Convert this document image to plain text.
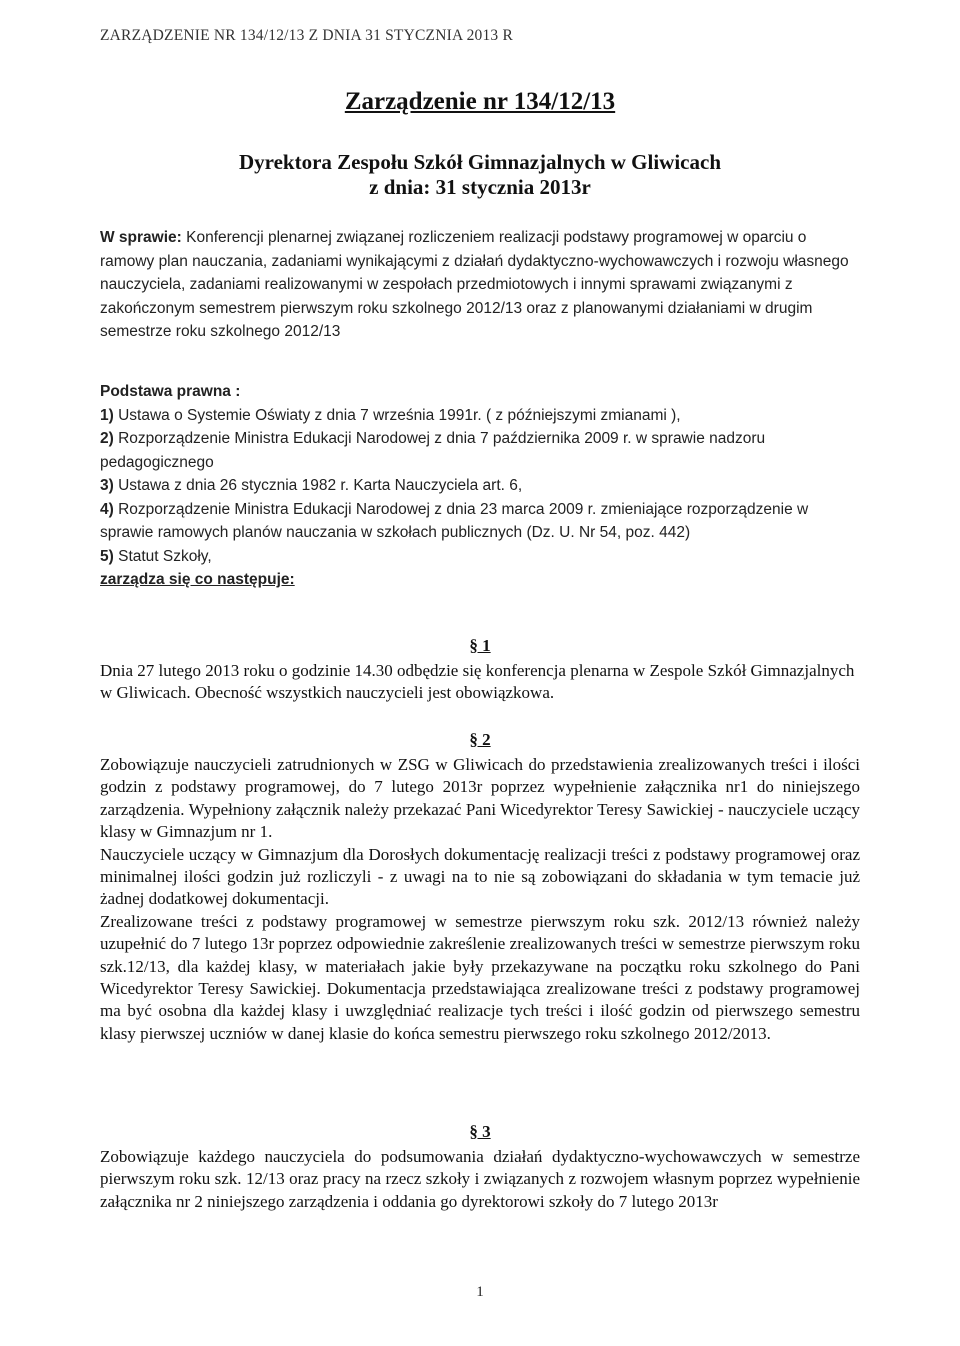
ZARZĄDZENIE NR 134/12/13 Z DNIA 31 STYCZNIA 2013 R
Zarządzenie nr 134/12/13
Dyrektora Zespołu Szkół Gimnazjalnych w Gliwicach
z dnia: 31 stycznia 2013r
W sprawie: Konferencji plenarnej związanej rozliczeniem realizacji podstawy programowej w oparciu o ramowy plan nauczania, zadaniami wynikającymi z działań dydaktyczno-wychowawczych i rozwoju własnego nauczyciela, zadaniami realizowanymi w zespołach przedmiotowych i innymi sprawami związanymi z zakończonym semestrem pierwszym roku szkolnego 2012/13 oraz z planowanymi działaniami w drugim semestrze roku szkolnego 2012/13
Podstawa prawna :
1) Ustawa o Systemie Oświaty z dnia 7 września 1991r. ( z późniejszymi zmianami ),
2) Rozporządzenie Ministra Edukacji Narodowej z dnia 7 października 2009 r. w sprawie nadzoru pedagogicznego
3) Ustawa z dnia 26 stycznia 1982 r. Karta Nauczyciela art. 6,
4) Rozporządzenie Ministra Edukacji Narodowej z dnia 23 marca 2009 r. zmieniające rozporządzenie w sprawie ramowych planów nauczania w szkołach publicznych (Dz. U. Nr 54, poz. 442)
5) Statut Szkoły,
zarządza się co następuje:
§ 1
Dnia 27 lutego 2013 roku o godzinie 14.30 odbędzie się konferencja plenarna w Zespole Szkół Gimnazjalnych w Gliwicach. Obecność wszystkich nauczycieli jest obowiązkowa.
§ 2

Zobowiązuje nauczycieli zatrudnionych w ZSG w Gliwicach do przedstawienia zrealizowanych treści i ilości godzin z podstawy programowej, do 7 lutego 2013r poprzez wypełnienie załącznika nr1 do niniejszego zarządzenia. Wypełniony załącznik należy przekazać Pani Wicedyrektor Teresy Sawickiej - nauczyciele uczący klasy w Gimnazjum nr 1.

Nauczyciele uczący w Gimnazjum dla Dorosłych dokumentację realizacji treści z podstawy programowej oraz minimalnej ilości godzin już rozliczyli - z uwagi na to nie są zobowiązani do składania w tym temacie już żadnej dodatkowej dokumentacji.

Zrealizowane treści z podstawy programowej w semestrze pierwszym roku szk. 2012/13 również należy uzupełnić do 7 lutego 13r poprzez odpowiednie zakreślenie zrealizowanych treści w semestrze pierwszym roku szk.12/13, dla każdej klasy, w materiałach jakie były przekazywane na początku roku szkolnego do Pani Wicedyrektor Teresy Sawickiej. Dokumentacja przedstawiająca zrealizowane treści z podstawy programowej ma być osobna dla każdej klasy i uwzględniać realizacje tych treści i ilość godzin od pierwszego semestru klasy pierwszej uczniów w danej klasie do końca semestru pierwszego roku szkolnego 2012/2013.

§ 3
Zobowiązuje każdego nauczyciela do podsumowania działań dydaktyczno-wychowawczych w semestrze pierwszym roku szk. 12/13 oraz pracy na rzecz szkoły i związanych z rozwojem własnym poprzez wypełnienie załącznika nr 2 niniejszego zarządzenia i oddania go dyrektorowi szkoły do 7 lutego 2013r
1
